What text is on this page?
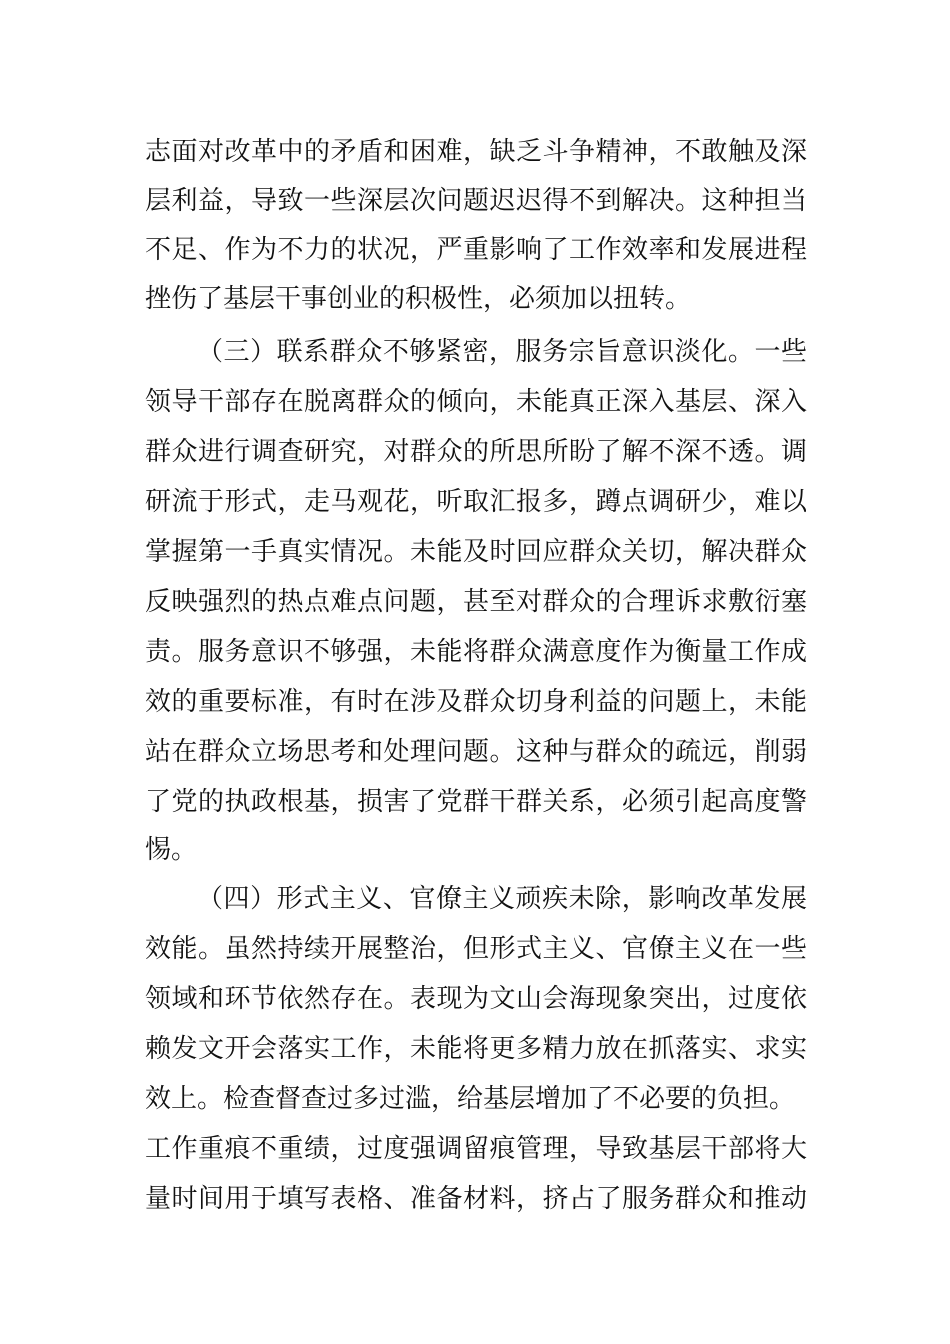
志面对改革中的矛盾和困难，缺乏斗争精神，不敢触及深
层利益，导致一些深层次问题迟迟得不到解决。这种担当
不足、作为不力的状况，严重影响了工作效率和发展进程
挫伤了基层干事创业的积极性，必须加以扭转。
（三）联系群众不够紧密，服务宗旨意识淡化。一些
领导干部存在脱离群众的倾向，未能真正深入基层、深入
群众进行调查研究，对群众的所思所盼了解不深不透。调
研流于形式，走马观花，听取汇报多，蹲点调研少，难以
掌握第一手真实情况。未能及时回应群众关切，解决群众
反映强烈的热点难点问题，甚至对群众的合理诉求敷衍塞
责。服务意识不够强，未能将群众满意度作为衡量工作成
效的重要标准，有时在涉及群众切身利益的问题上，未能
站在群众立场思考和处理问题。这种与群众的疏远，削弱
了党的执政根基，损害了党群干群关系，必须引起高度警
惕。
（四）形式主义、官僚主义顽疾未除，影响改革发展
效能。虽然持续开展整治，但形式主义、官僚主义在一些
领域和环节依然存在。表现为文山会海现象突出，过度依
赖发文开会落实工作，未能将更多精力放在抓落实、求实
效上。检查督查过多过滥，给基层增加了不必要的负担。
工作重痕不重绩，过度强调留痕管理，导致基层干部将大
量时间用于填写表格、准备材料，挤占了服务群众和推动
